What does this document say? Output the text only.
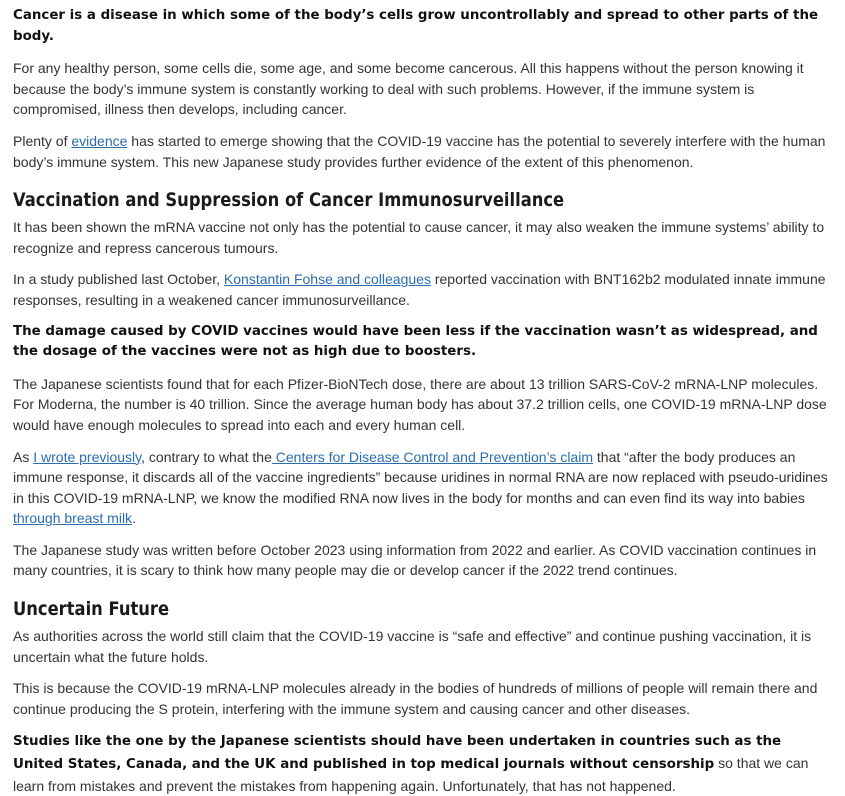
Cancer is a disease in which some of the body’s cells grow uncontrollably and spread to other parts of the body.

For any healthy person, some cells die, some age, and some become cancerous. All this happens without the person knowing it because the body’s immune system is constantly working to deal with such problems. However, if the immune system is compromised, illness then develops, including cancer.

Plenty of evidence has started to emerge showing that the COVID-19 vaccine has the potential to severely interfere with the human body’s immune system. This new Japanese study provides further evidence of the extent of this phenomenon.

Vaccination and Suppression of Cancer Immunosurveillance

It has been shown the mRNA vaccine not only has the potential to cause cancer, it may also weaken the immune systems’ ability to recognize and repress cancerous tumours.

In a study published last October, Konstantin Fohse and colleagues reported vaccination with BNT162b2 modulated innate immune responses, resulting in a weakened cancer immunosurveillance.

The damage caused by COVID vaccines would have been less if the vaccination wasn’t as widespread, and the dosage of the vaccines were not as high due to boosters.

The Japanese scientists found that for each Pfizer-BioNTech dose, there are about 13 trillion SARS-CoV-2 mRNA-LNP molecules. For Moderna, the number is 40 trillion. Since the average human body has about 37.2 trillion cells, one COVID-19 mRNA-LNP dose would have enough molecules to spread into each and every human cell.

As I wrote previously, contrary to what the Centers for Disease Control and Prevention’s claim that “after the body produces an immune response, it discards all of the vaccine ingredients” because uridines in normal RNA are now replaced with pseudo-uridines in this COVID-19 mRNA-LNP, we know the modified RNA now lives in the body for months and can even find its way into babies through breast milk.

The Japanese study was written before October 2023 using information from 2022 and earlier. As COVID vaccination continues in many countries, it is scary to think how many people may die or develop cancer if the 2022 trend continues.

Uncertain Future

As authorities across the world still claim that the COVID-19 vaccine is “safe and effective” and continue pushing vaccination, it is uncertain what the future holds.

This is because the COVID-19 mRNA-LNP molecules already in the bodies of hundreds of millions of people will remain there and continue producing the S protein, interfering with the immune system and causing cancer and other diseases.

Studies like the one by the Japanese scientists should have been undertaken in countries such as the United States, Canada, and the UK and published in top medical journals without censorship so that we can learn from mistakes and prevent the mistakes from happening again. Unfortunately, that has not happened.
